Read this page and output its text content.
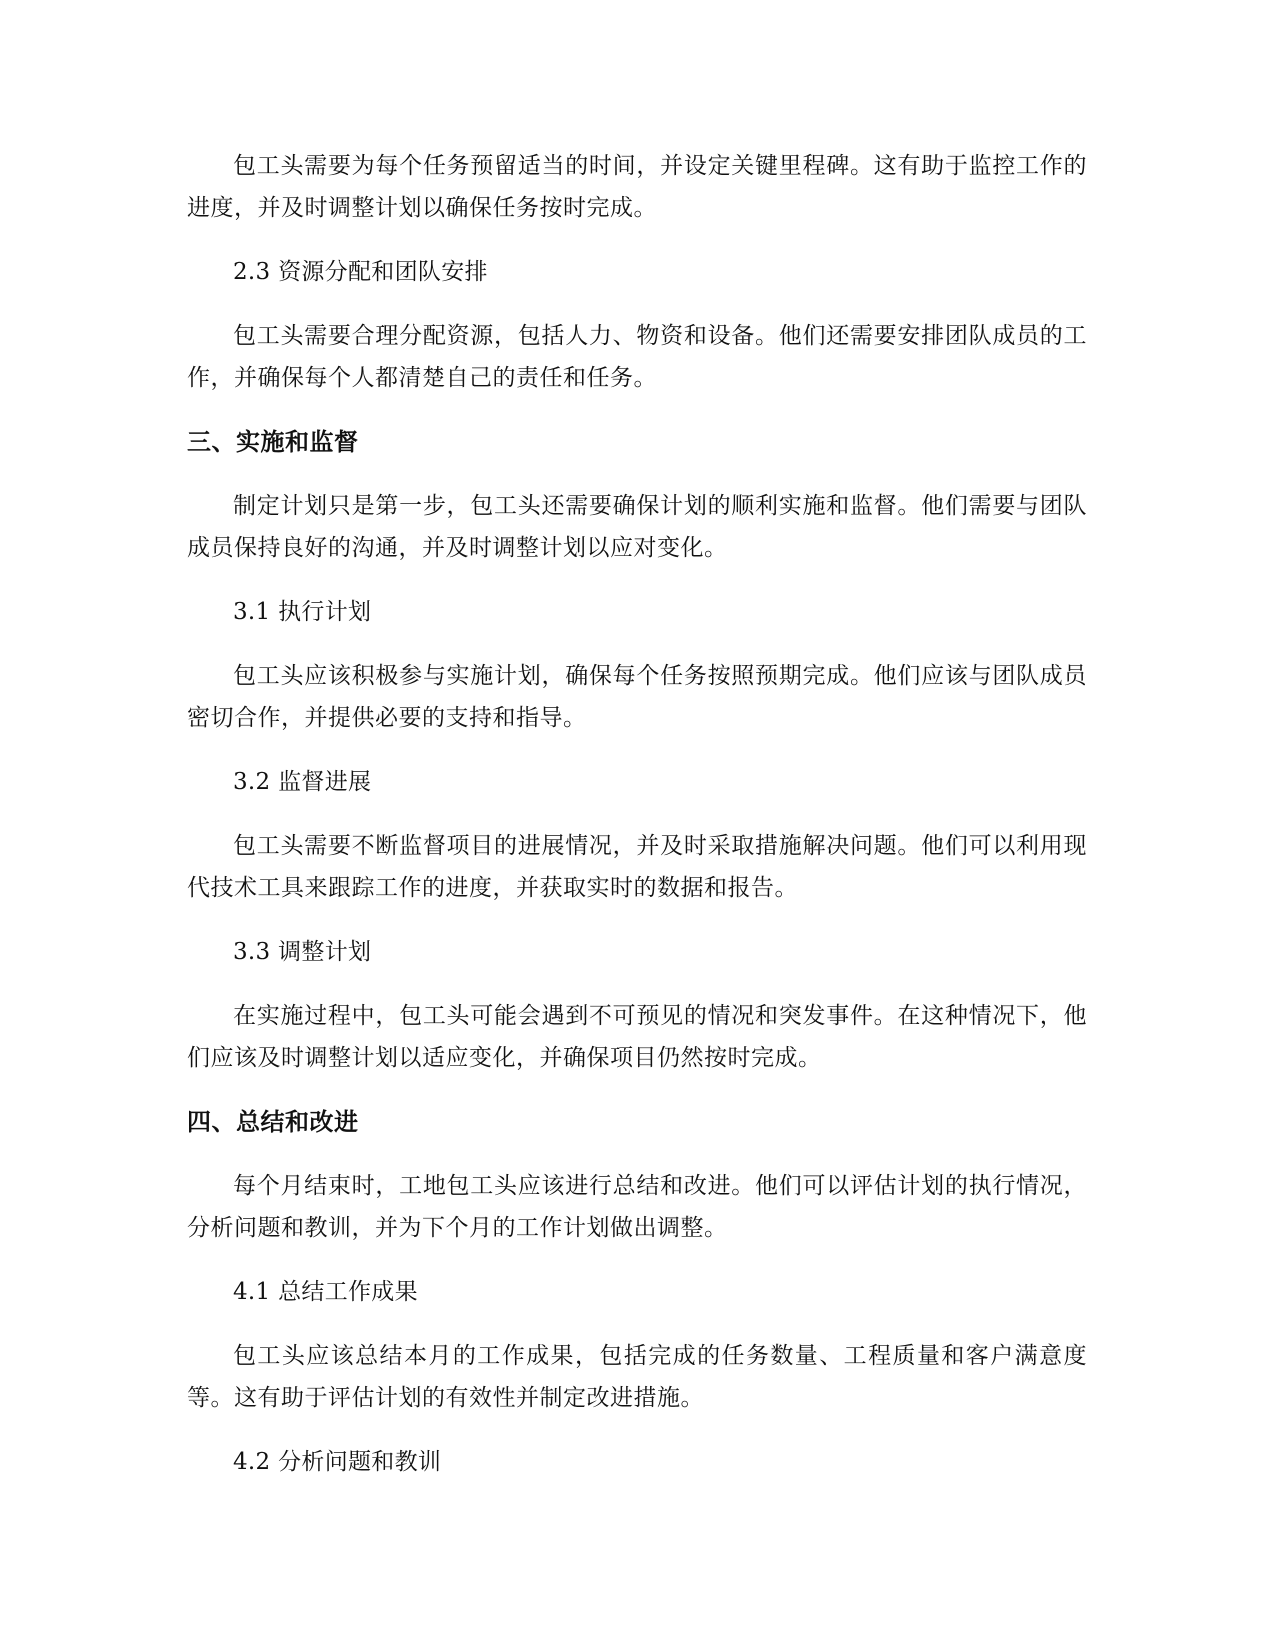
包工头需要为每个任务预留适当的时间，并设定关键里程碑。这有助于监控工作的进度，并及时调整计划以确保任务按时完成。

2.3 资源分配和团队安排

包工头需要合理分配资源，包括人力、物资和设备。他们还需要安排团队成员的工作，并确保每个人都清楚自己的责任和任务。

三、实施和监督

制定计划只是第一步，包工头还需要确保计划的顺利实施和监督。他们需要与团队成员保持良好的沟通，并及时调整计划以应对变化。

3.1 执行计划

包工头应该积极参与实施计划，确保每个任务按照预期完成。他们应该与团队成员密切合作，并提供必要的支持和指导。

3.2 监督进展

包工头需要不断监督项目的进展情况，并及时采取措施解决问题。他们可以利用现代技术工具来跟踪工作的进度，并获取实时的数据和报告。

3.3 调整计划

在实施过程中，包工头可能会遇到不可预见的情况和突发事件。在这种情况下，他们应该及时调整计划以适应变化，并确保项目仍然按时完成。

四、总结和改进

每个月结束时，工地包工头应该进行总结和改进。他们可以评估计划的执行情况，分析问题和教训，并为下个月的工作计划做出调整。

4.1 总结工作成果

包工头应该总结本月的工作成果，包括完成的任务数量、工程质量和客户满意度等。这有助于评估计划的有效性并制定改进措施。

4.2 分析问题和教训
